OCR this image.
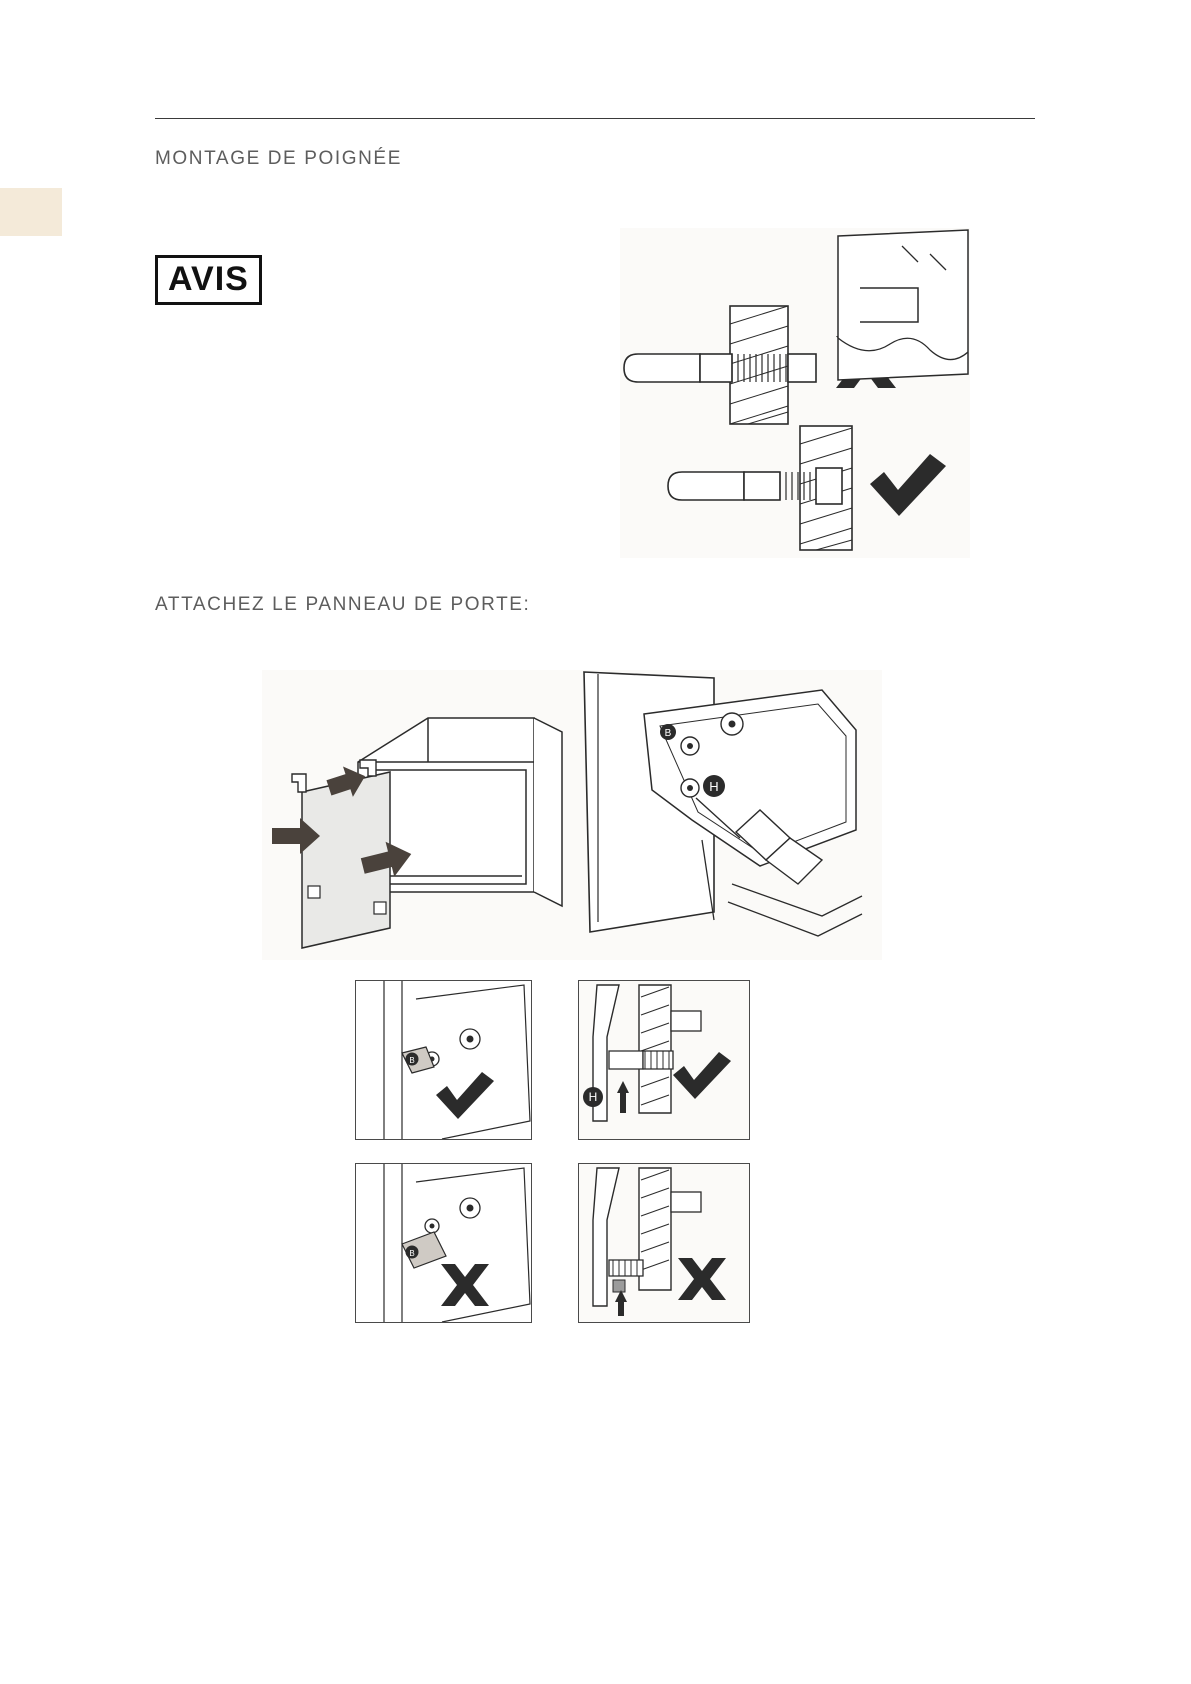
MONTAGE DE POIGNÉE
AVIS
ATTACHEZ LE PANNEAU DE PORTE:
B
H
B
H
B
